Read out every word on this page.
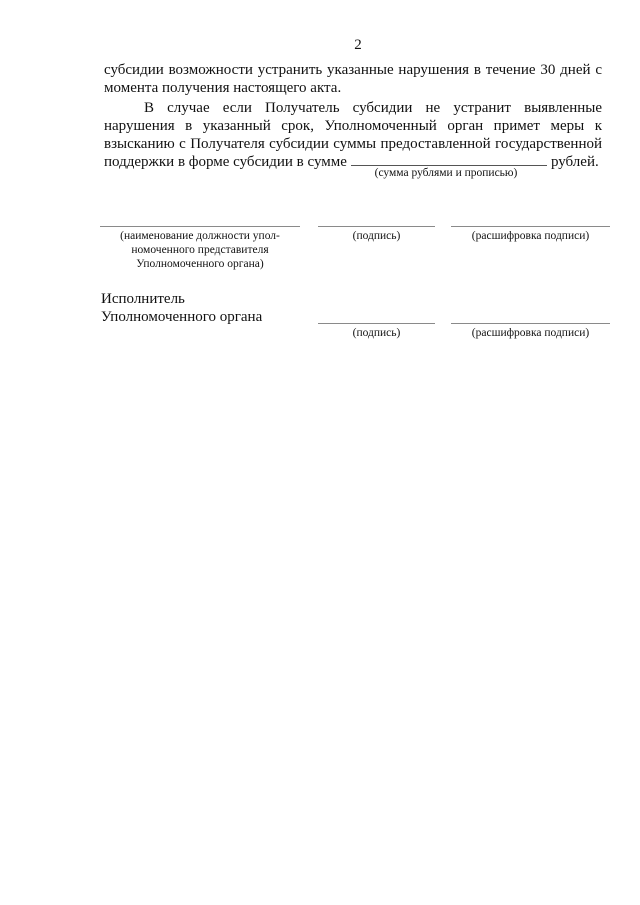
2
субсидии возможности устранить указанные нарушения в течение 30 дней с
момента получения настоящего акта.
В случае если Получатель субсидии не устранит выявленные
нарушения в указанный срок, Уполномоченный орган примет меры к
взысканию с Получателя субсидии суммы предоставленной государственной
поддержки в форме субсидии в сумме	рублей.
(сумма рублями и прописью)
(наименование должности упол-
номоченного представителя
Уполномоченного органа)
(подпись)	(расшифровка подписи)
Исполнитель
Уполномоченного органа
(подпись)	(расшифровка подписи)
